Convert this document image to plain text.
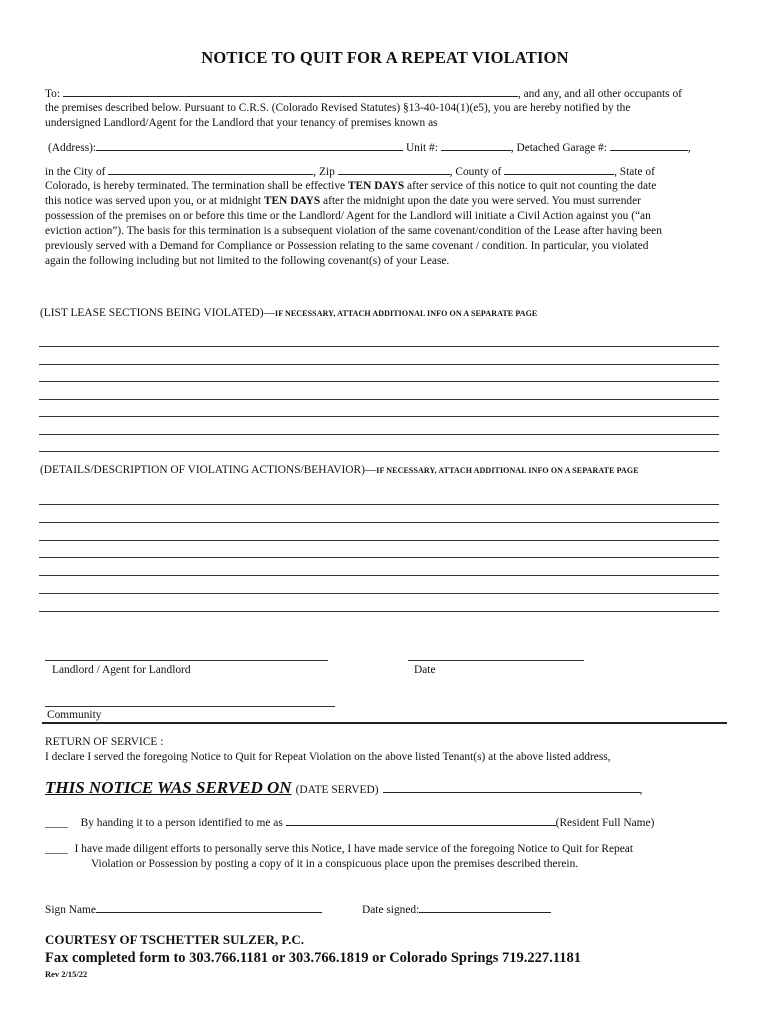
NOTICE TO QUIT FOR A REPEAT VIOLATION
To:	, and any, and all other occupants of
the premises described below. Pursuant to C.R.S. (Colorado Revised Statutes) §13-40-104(1)(e5), you are hereby notified by the
undersigned Landlord/Agent for the Landlord that your tenancy of premises known as
(Address):	Unit #:	, Detached Garage #:	,
in the City of	, Zip	, County of	, State of
Colorado, is hereby terminated. The termination shall be effective TEN DAYS after service of this notice to quit not counting the date
this notice was served upon you, or at midnight TEN DAYS after the midnight upon the date you were served. You must surrender
possession of the premises on or before this time or the Landlord/ Agent for the Landlord will initiate a Civil Action against you (“an
eviction action”). The basis for this termination is a subsequent violation of the same covenant/condition of the Lease after having been
previously served with a Demand for Compliance or Possession relating to the same covenant / condition. In particular, you violated
again the following including but not limited to the following covenant(s) of your Lease.
(LIST LEASE SECTIONS BEING VIOLATED)—IF NECESSARY, ATTACH ADDITIONAL INFO ON A SEPARATE PAGE
(DETAILS/DESCRIPTION OF VIOLATING ACTIONS/BEHAVIOR)—IF NECESSARY, ATTACH ADDITIONAL INFO ON A SEPARATE PAGE
Landlord / Agent for Landlord	Date
Community
RETURN OF SERVICE :
I declare I served the foregoing Notice to Quit for Repeat Violation on the above listed Tenant(s) at the above listed address,
THIS NOTICE WAS SERVED ON (DATE SERVED)	,
____ By handing it to a person identified to me as	(Resident Full Name)
____ I have made diligent efforts to personally serve this Notice, I have made service of the foregoing Notice to Quit for Repeat
Violation or Possession by posting a copy of it in a conspicuous place upon the premises described therein.
Sign Name	Date signed:
COURTESY OF TSCHETTER SULZER, P.C.
Fax completed form to 303.766.1181 or 303.766.1819 or Colorado Springs 719.227.1181
Rev 2/15/22
